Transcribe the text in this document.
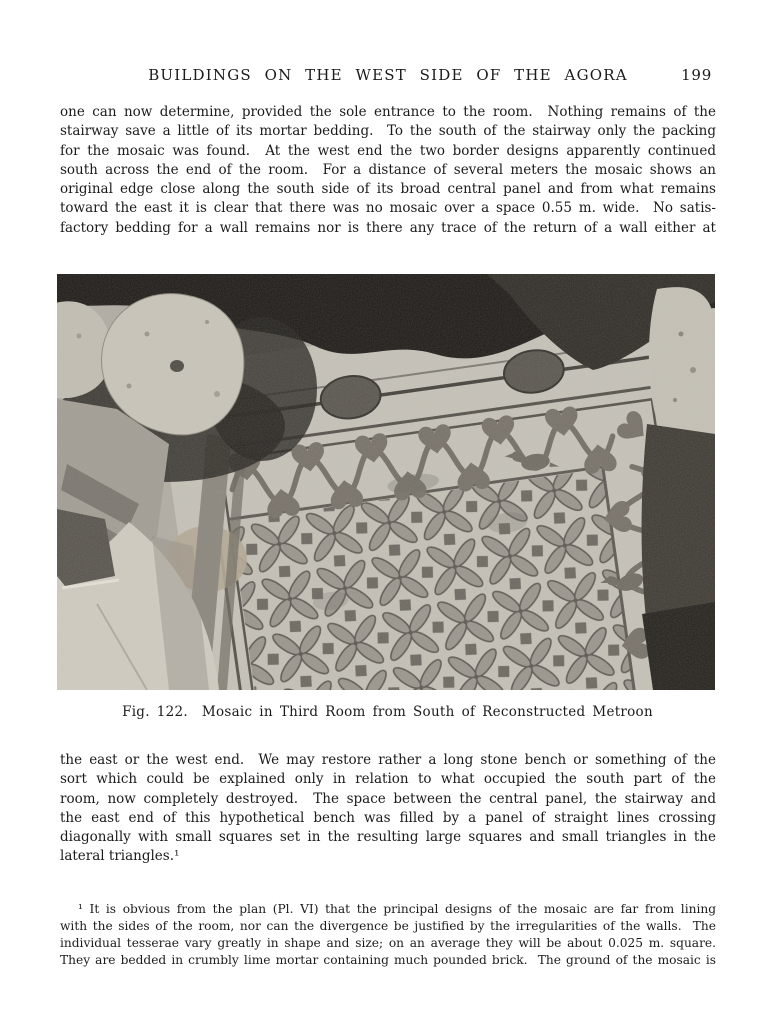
BUILDINGS ON THE WEST SIDE OF THE AGORA	199
one can now determine, provided the sole entrance to the room.  Nothing remains of the
stairway save a little of its mortar bedding.  To the south of the stairway only the packing
for the mosaic was found.  At the west end the two border designs apparently continued
south across the end of the room.  For a distance of several meters the mosaic shows an
original edge close along the south side of its broad central panel and from what remains
toward the east it is clear that there was no mosaic over a space 0.55 m. wide.  No satis-
factory bedding for a wall remains nor is there any trace of the return of a wall either at
Fig. 122.  Mosaic in Third Room from South of Reconstructed Metroon
the east or the west end.  We may restore rather a long stone bench or something of the
sort which could be explained only in relation to what occupied the south part of the
room, now completely destroyed.  The space between the central panel, the stairway and
the east end of this hypothetical bench was filled by a panel of straight lines crossing
diagonally with small squares set in the resulting large squares and small triangles in the
lateral triangles.¹
¹ It is obvious from the plan (Pl. VI) that the principal designs of the mosaic are far from lining
with the sides of the room, nor can the divergence be justified by the irregularities of the walls.  The
individual tesserae vary greatly in shape and size; on an average they will be about 0.025 m. square.
They are bedded in crumbly lime mortar containing much pounded brick.  The ground of the mosaic is
